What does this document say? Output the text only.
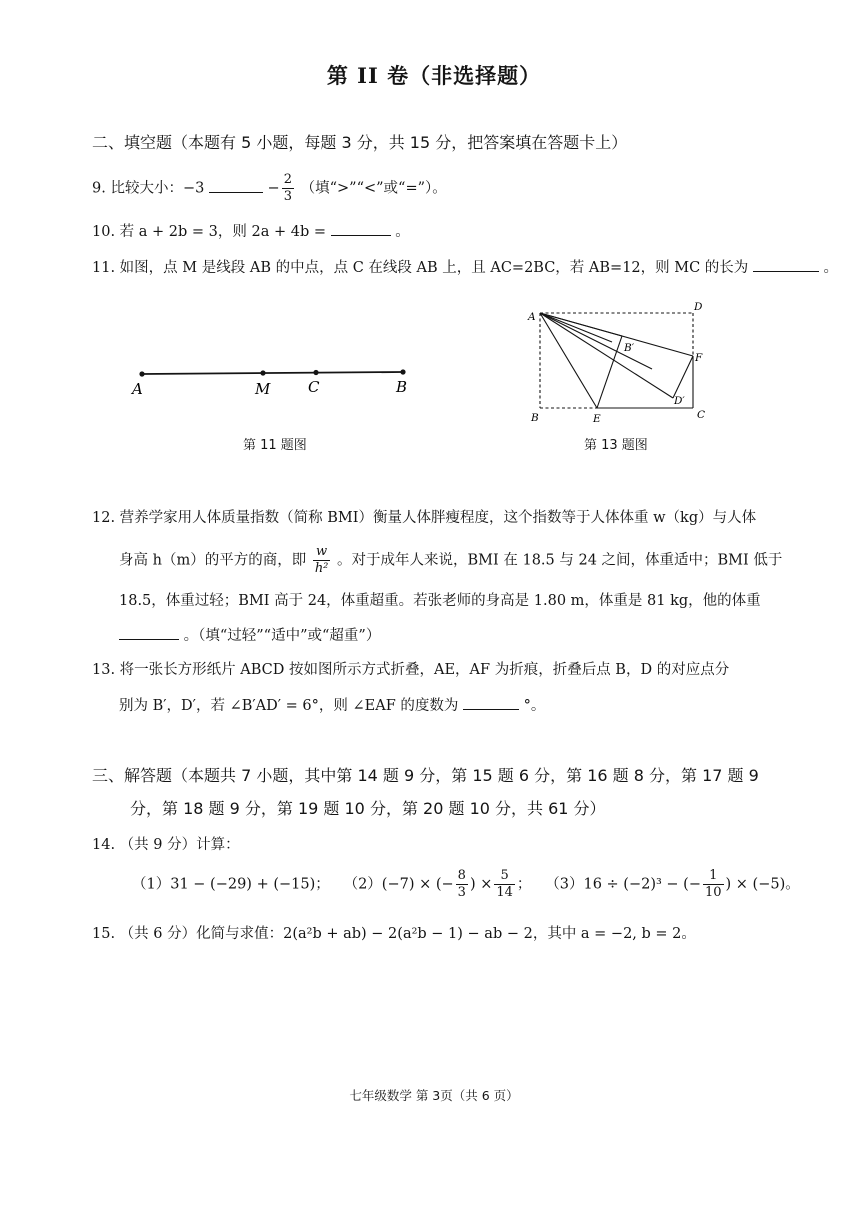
第 II 卷（非选择题）
二、填空题（本题有 5 小题，每题 3 分，共 15 分，把答案填在答题卡上）
9. 比较大小：−3	− $\frac{2}{3}$ （填“>”“<”或“=”）。
10. 若 a + 2b = 3，则 2a + 4b =	。
11. 如图，点 M 是线段 AB 的中点，点 C 在线段 AB 上，且 AC=2BC，若 AB=12，则 MC 的长为	。
A	M	C	B
第 11 题图
A
D
B′
F
D′
B	E	C
第 13 题图
12. 营养学家用人体质量指数（简称 BMI）衡量人体胖瘦程度，这个指数等于人体体重 w（kg）与人体
身高 h（m）的平方的商，即 $\frac{w}{\text{h²}}$ 。对于成年人来说，BMI 在 18.5 与 24 之间，体重适中；BMI 低于
18.5，体重过轻；BMI 高于 24，体重超重。若张老师的身高是 1.80 m，体重是 81 kg，他的体重
。（填“过轻”“适中”或“超重”）
13. 将一张长方形纸片 ABCD 按如图所示方式折叠，AE，AF 为折痕，折叠后点 B，D 的对应点分
别为 B′，D′，若 ∠B′AD′ = 6°，则 ∠EAF 的度数为	°。
三、解答题（本题共 7 小题，其中第 14 题 9 分，第 15 题 6 分，第 16 题 8 分，第 17 题 9
分，第 18 题 9 分，第 19 题 10 分，第 20 题 10 分，共 61 分）
14. （共 9 分）计算：
（1）31 − (−29) + (−15)； （2）(−7) × (− $\frac{8}{3}$ ) × $\frac{5}{14}$ ； （3）16 ÷ (−2)³ − (− $\frac{1}{10}$ ) × (−5)。
15. （共 6 分）化简与求值：2(a²b + ab) − 2(a²b − 1) − ab − 2，其中 a = −2, b = 2。
七年级数学 第 3页（共 6 页）
